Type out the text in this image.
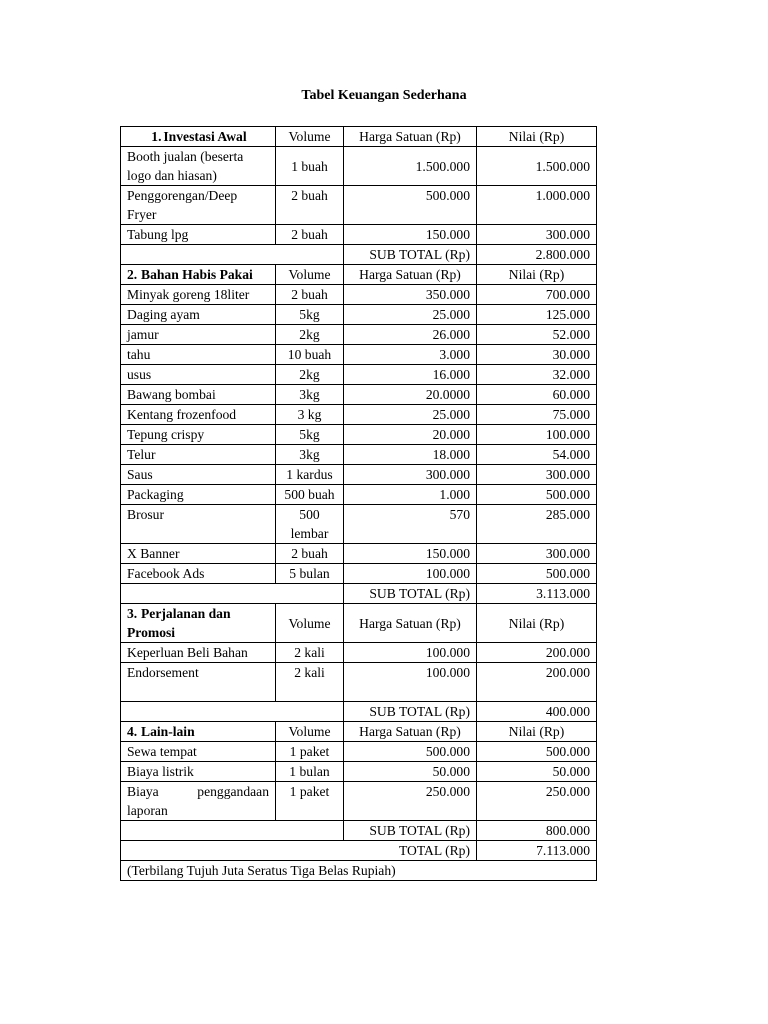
Tabel Keuangan Sederhana
1. Investasi Awal	Volume	Harga Satuan (Rp)	Nilai (Rp)
Booth jualan (beserta logo dan hiasan)	1 buah	1.500.000	1.500.000
Penggorengan/Deep Fryer	2 buah	500.000	1.000.000
Tabung lpg	2 buah	150.000	300.000
		SUB TOTAL (Rp)	2.800.000
2. Bahan Habis Pakai	Volume	Harga Satuan (Rp)	Nilai (Rp)
Minyak goreng 18liter	2 buah	350.000	700.000
Daging ayam	5kg	25.000	125.000
jamur	2kg	26.000	52.000
tahu	10 buah	3.000	30.000
usus	2kg	16.000	32.000
Bawang bombai	3kg	20.0000	60.000
Kentang frozenfood	3 kg	25.000	75.000
Tepung crispy	5kg	20.000	100.000
Telur	3kg	18.000	54.000
Saus	1 kardus	300.000	300.000
Packaging	500 buah	1.000	500.000
Brosur	500 lembar	570	285.000
X Banner	2 buah	150.000	300.000
Facebook Ads	5 bulan	100.000	500.000
		SUB TOTAL (Rp)	3.113.000
3. Perjalanan dan Promosi	Volume	Harga Satuan (Rp)	Nilai (Rp)
Keperluan Beli Bahan	2 kali	100.000	200.000
Endorsement	2 kali	100.000	200.000
		SUB TOTAL (Rp)	400.000
4. Lain-lain	Volume	Harga Satuan (Rp)	Nilai (Rp)
Sewa tempat	1 paket	500.000	500.000
Biaya listrik	1 bulan	50.000	50.000
Biaya penggandaan laporan	1 paket	250.000	250.000
		SUB TOTAL (Rp)	800.000
TOTAL (Rp)			7.113.000
(Terbilang Tujuh Juta Seratus Tiga Belas Rupiah)			
